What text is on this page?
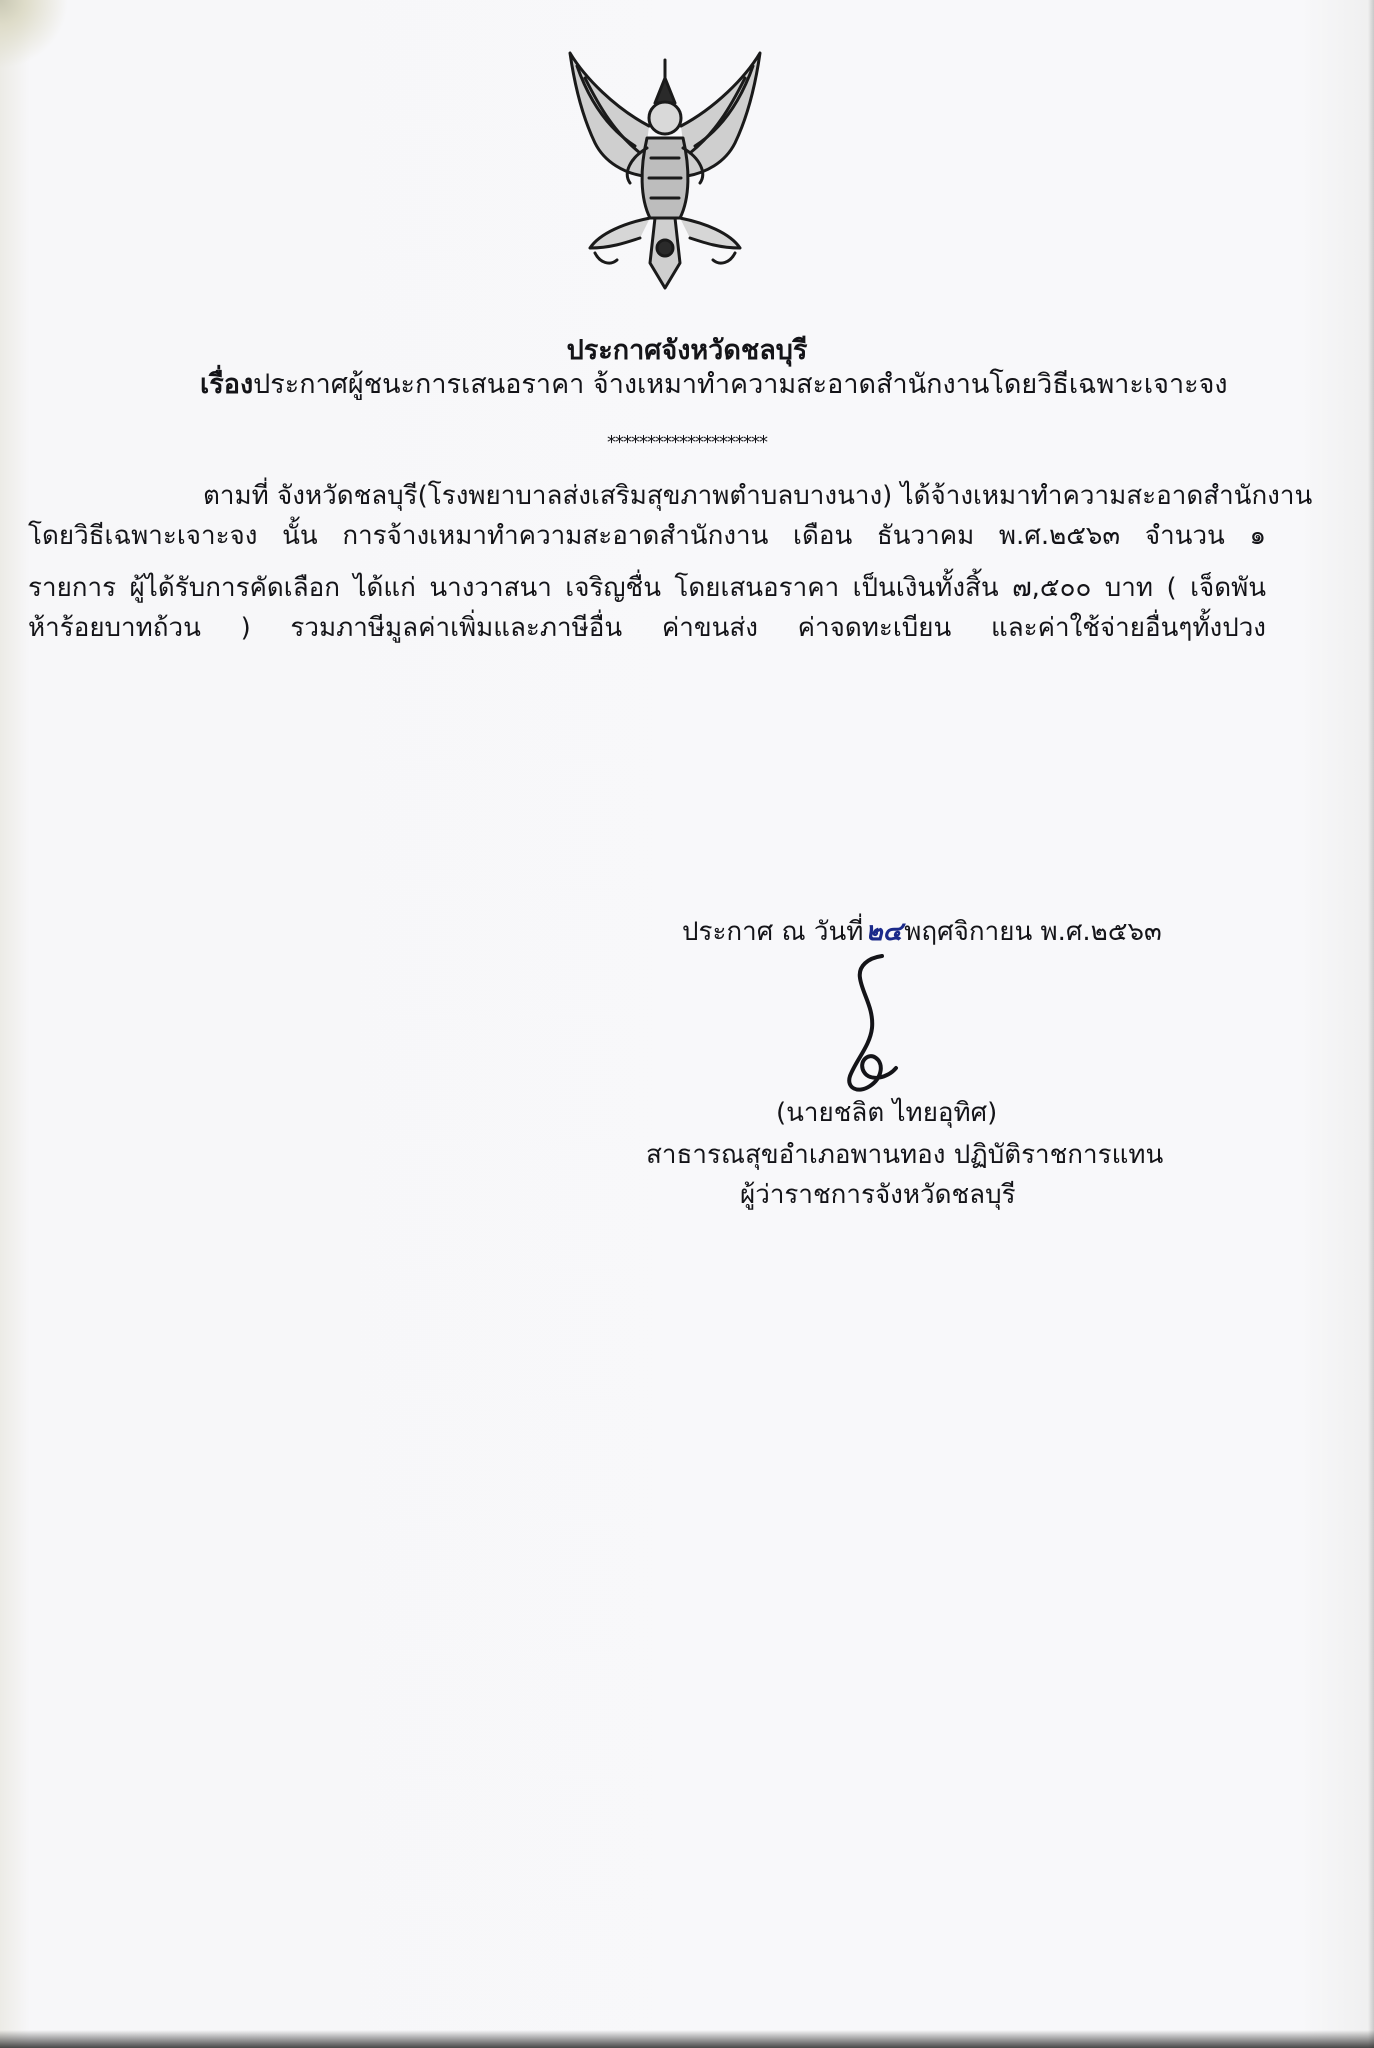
ประกาศจังหวัดชลบุรี
เรื่องประกาศผู้ชนะการเสนอราคา จ้างเหมาทำความสะอาดสำนักงานโดยวิธีเฉพาะเจาะจง
********************
ตามที่ จังหวัดชลบุรี(โรงพยาบาลส่งเสริมสุขภาพตำบลบางนาง) ได้จ้างเหมาทำความสะอาดสำนักงาน
โดยวิธีเฉพาะเจาะจง นั้น การจ้างเหมาทำความสะอาดสำนักงาน เดือน ธันวาคม พ.ศ.๒๕๖๓ จำนวน ๑
รายการ ผู้ได้รับการคัดเลือก ได้แก่ นางวาสนา เจริญชื่น โดยเสนอราคา เป็นเงินทั้งสิ้น ๗,๕๐๐ บาท ( เจ็ดพัน
ห้าร้อยบาทถ้วน ) รวมภาษีมูลค่าเพิ่มและภาษีอื่น ค่าขนส่ง ค่าจดทะเบียน และค่าใช้จ่ายอื่นๆทั้งปวง
ประกาศ ณ วันที่๒๔พฤศจิกายน พ.ศ.๒๕๖๓
(นายชลิต ไทยอุทิศ)
สาธารณสุขอำเภอพานทอง ปฏิบัติราชการแทน
ผู้ว่าราชการจังหวัดชลบุรี
